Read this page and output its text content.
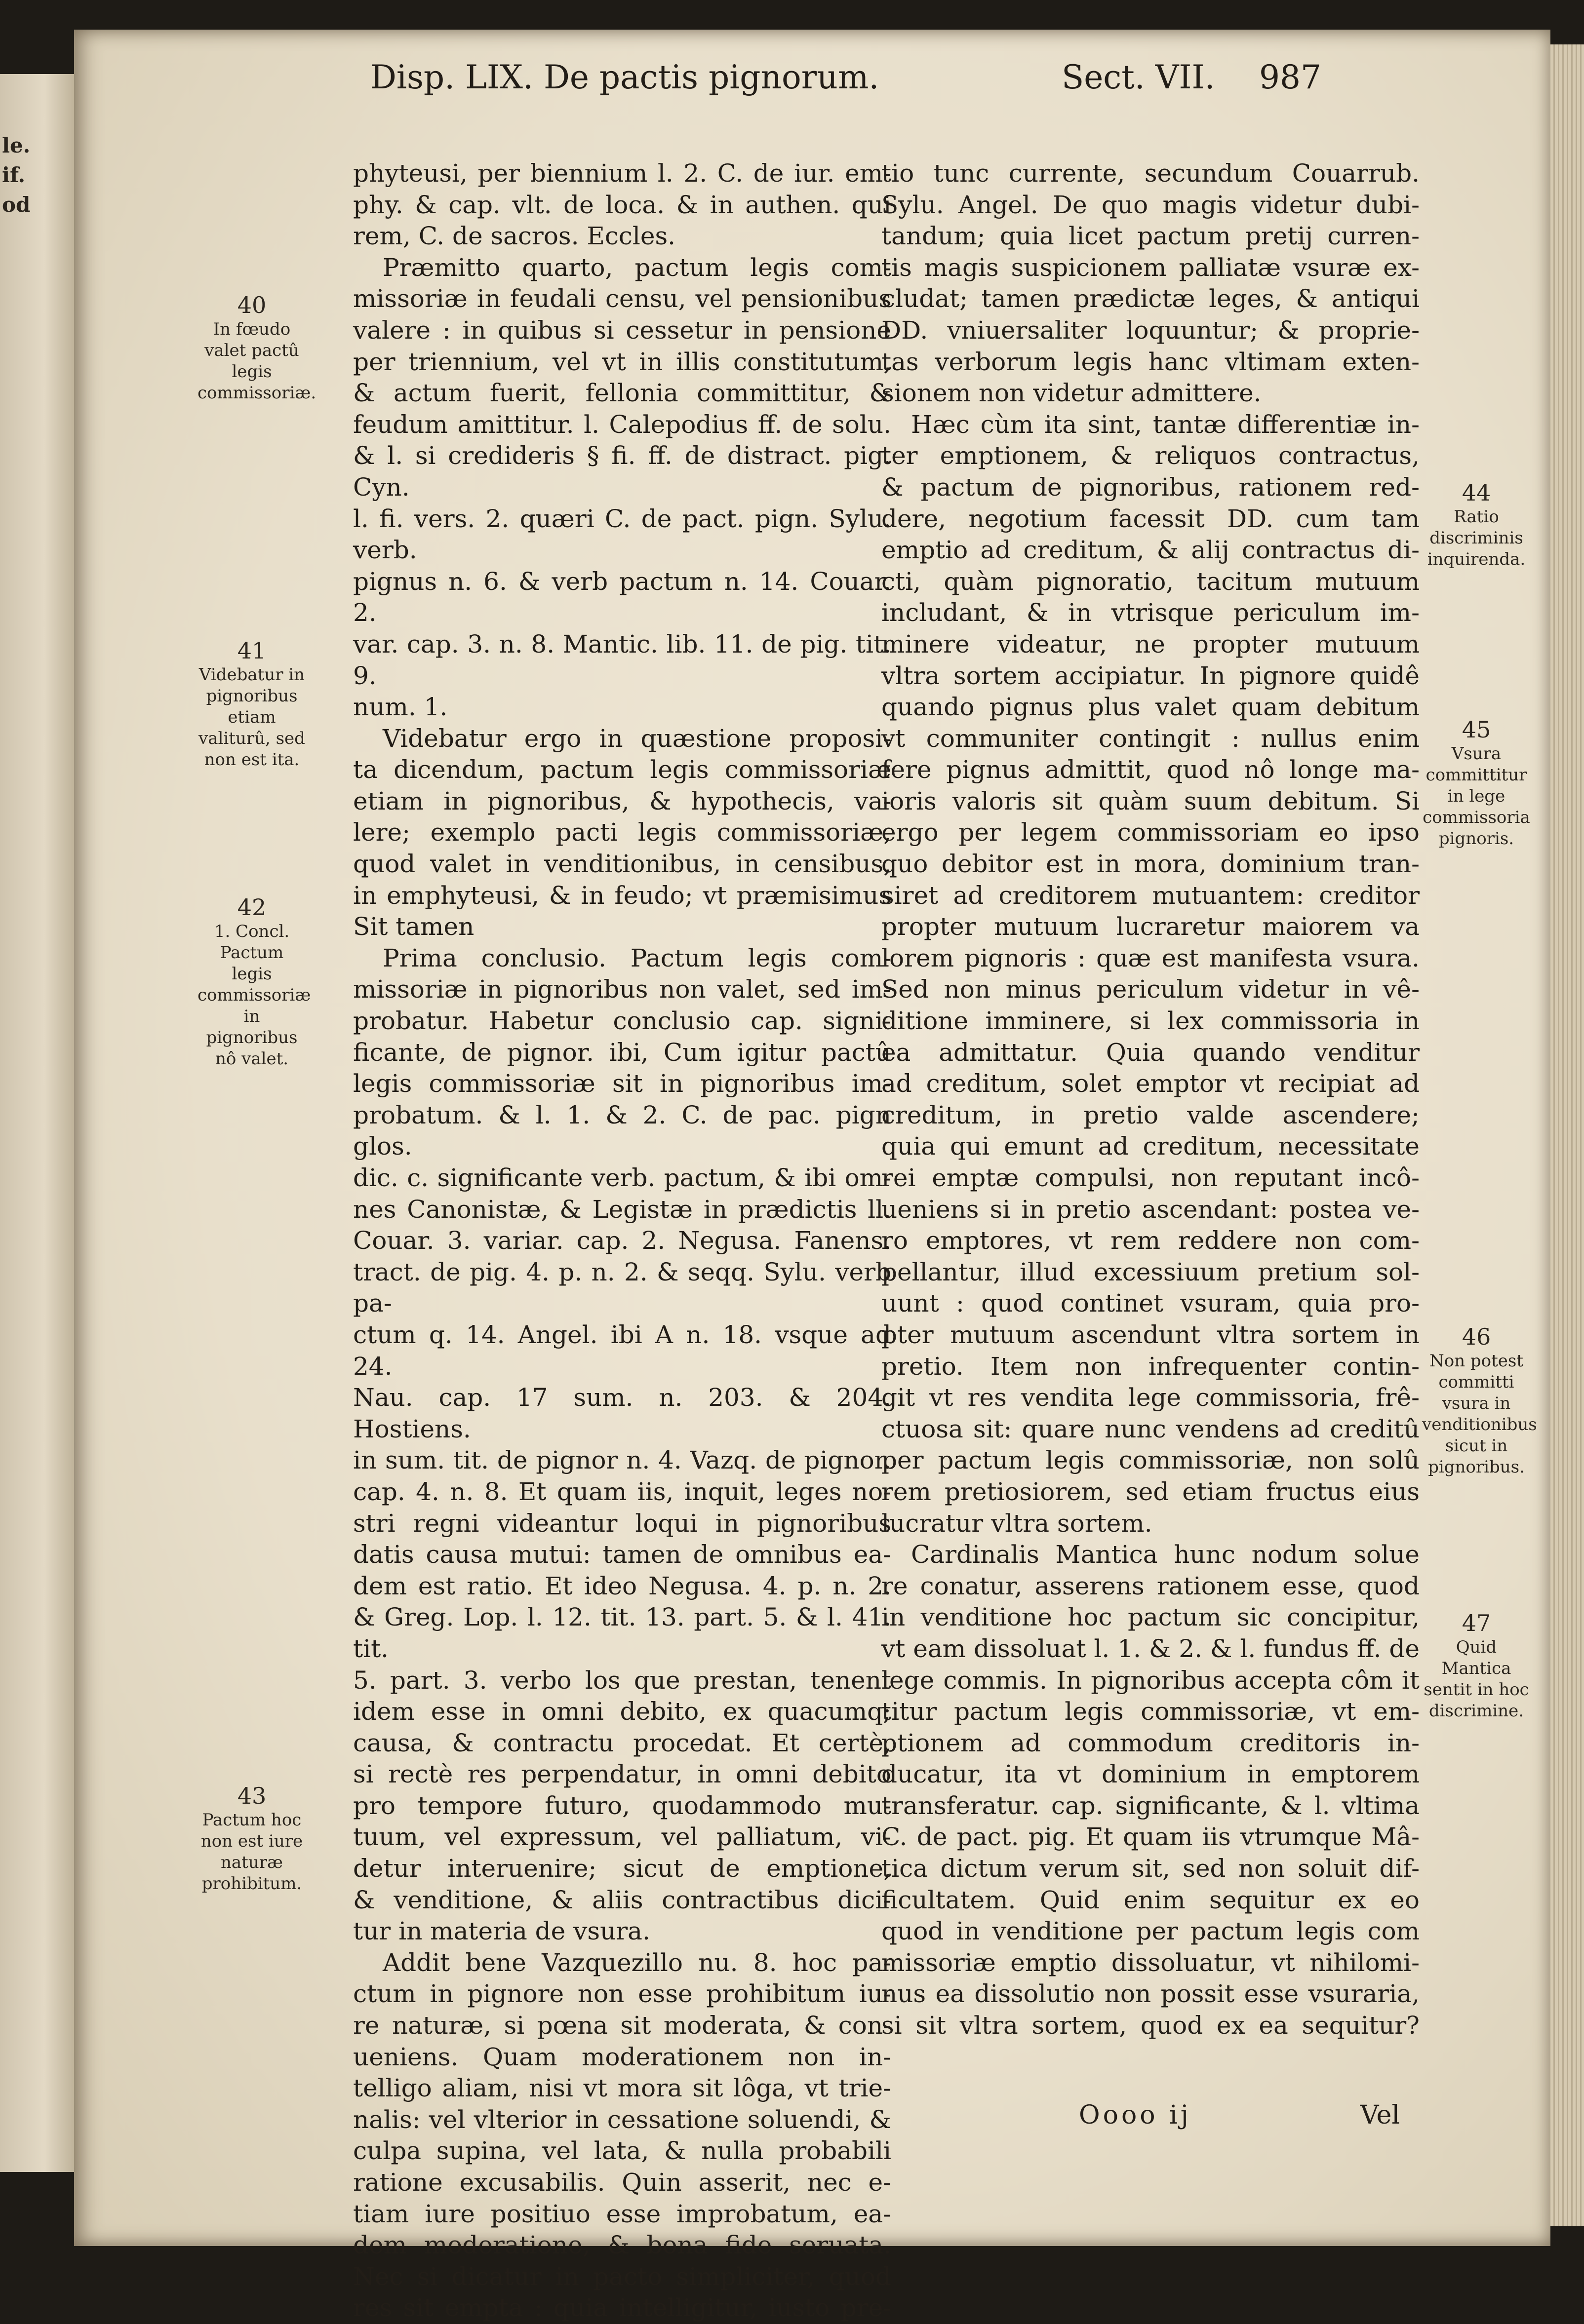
le.
if.
od
Disp. LIX. De pactis pignorum.	Sect. VII. 987

phyteusi, per biennium l. 2. C. de iur. em-

phy. & cap. vlt. de loca. & in authen. qui

rem, C. de sacros. Eccles.

Præmitto quarto, pactum legis com-

missoriæ in feudali censu, vel pensionibus

valere : in quibus si cessetur in pensione

per triennium, vel vt in illis constitutum,

& actum fuerit, fellonia committitur, &

feudum amittitur. l. Calepodius ff. de solu.

& l. si credideris § fi. ff. de distract. pig. Cyn.

l. fi. vers. 2. quæri C. de pact. pign. Sylu. verb.

pignus n. 6. & verb pactum n. 14. Couar. 2.

var. cap. 3. n. 8. Mantic. lib. 11. de pig. tit. 9.

num. 1.

Videbatur ergo in quæstione proposi-

ta dicendum, pactum legis commissoriæ

etiam in pignoribus, & hypothecis, va-

lere; exemplo pacti legis commissoriæ,

quod valet in venditionibus, in censibus,

in emphyteusi, & in feudo; vt præmisimus

Sit tamen

Prima conclusio. Pactum legis com-

missoriæ in pignoribus non valet, sed im-

probatur. Habetur conclusio cap. signi-

ficante, de pignor. ibi, Cum igitur pactû

legis commissoriæ sit in pignoribus im-

probatum. & l. 1. & 2. C. de pac. pign glos.

dic. c. significante verb. pactum, & ibi om-

nes Canonistæ, & Legistæ in prædictis ll.

Couar. 3. variar. cap. 2. Negusa. Fanens.

tract. de pig. 4. p. n. 2. & seqq. Sylu. verb pa-

ctum q. 14. Angel. ibi A n. 18. vsque ad 24.

Nau. cap. 17 sum. n. 203. & 204. Hostiens.

in sum. tit. de pignor n. 4. Vazq. de pignor.

cap. 4. n. 8. Et quam iis, inquit, leges no-

stri regni videantur loqui in pignoribus

datis causa mutui: tamen de omnibus ea-

dem est ratio. Et ideo Negusa. 4. p. n. 2.

& Greg. Lop. l. 12. tit. 13. part. 5. & l. 41. tit.

5. part. 3. verbo los que prestan, tenent

idem esse in omni debito, ex quacumq;

causa, & contractu procedat. Et certè,

si rectè res perpendatur, in omni debito

pro tempore futuro, quodammodo mu-

tuum, vel expressum, vel palliatum, vi-

detur interuenire; sicut de emptione,

& venditione, & aliis contractibus dici-

tur in materia de vsura.

Addit bene Vazquezillo nu. 8. hoc pa-

ctum in pignore non esse prohibitum iu-

re naturæ, si pœna sit moderata, & con-

ueniens. Quam moderationem non in-

telligo aliam, nisi vt mora sit lôga, vt trie-

nalis: vel vlterior in cessatione soluendi, &

culpa supina, vel lata, & nulla probabili

ratione excusabilis. Quin asserit, nec e-

tiam iure positiuo esse improbatum, ea-

dem moderatione, & bona fide seruata.

Nec si dicatur in pacto simpliciter, quod

res sit empta : quia intelligitur, iusto pre-

tio tunc currente, secundum Couarrub.

Sylu. Angel. De quo magis videtur dubi-

tandum; quia licet pactum pretij curren-

tis magis suspicionem palliatæ vsuræ ex-

cludat; tamen prædictæ leges, & antiqui

DD. vniuersaliter loquuntur; & proprie-

tas verborum legis hanc vltimam exten-

sionem non videtur admittere.

Hæc cùm ita sint, tantæ differentiæ in-

ter emptionem, & reliquos contractus,

& pactum de pignoribus, rationem red-

dere, negotium facessit DD. cum tam

emptio ad creditum, & alij contractus di-

cti, quàm pignoratio, tacitum mutuum

includant, & in vtrisque periculum im-

minere videatur, ne propter mutuum

vltra sortem accipiatur. In pignore quidê

quando pignus plus valet quam debitum

vt communiter contingit : nullus enim

fere pignus admittit, quod nô longe ma-

ioris valoris sit quàm suum debitum. Si

ergo per legem commissoriam eo ipso

quo debitor est in mora, dominium tran-

siret ad creditorem mutuantem: creditor

propter mutuum lucraretur maiorem va

lorem pignoris : quæ est manifesta vsura.

Sed non minus periculum videtur in vê-

ditione imminere, si lex commissoria in

ea admittatur. Quia quando venditur

ad creditum, solet emptor vt recipiat ad

creditum, in pretio valde ascendere;

quia qui emunt ad creditum, necessitate

rei emptæ compulsi, non reputant incô-

ueniens si in pretio ascendant: postea ve-

ro emptores, vt rem reddere non com-

pellantur, illud excessiuum pretium sol-

uunt : quod continet vsuram, quia pro-

pter mutuum ascendunt vltra sortem in

pretio. Item non infrequenter contin-

git vt res vendita lege commissoria, frê-

ctuosa sit: quare nunc vendens ad creditû

per pactum legis commissoriæ, non solû

rem pretiosiorem, sed etiam fructus eius

lucratur vltra sortem.

Cardinalis Mantica hunc nodum solue

re conatur, asserens rationem esse, quod

in venditione hoc pactum sic concipitur,

vt eam dissoluat l. 1. & 2. & l. fundus ff. de

lege commis. In pignoribus accepta côm it

titur pactum legis commissoriæ, vt em-

ptionem ad commodum creditoris in-

ducatur, ita vt dominium in emptorem

transferatur. cap. significante, & l. vltima

C. de pact. pig. Et quam iis vtrumque Mâ-

tica dictum verum sit, sed non soluit dif-

ficultatem. Quid enim sequitur ex eo

quod in venditione per pactum legis com

missoriæ emptio dissoluatur, vt nihilomi-

nus ea dissolutio non possit esse vsuraria,

si sit vltra sortem, quod ex ea sequitur?

40
In fœudo valet pactû legis commissoriæ.
41
Videbatur in pignoribus etiam valiturû, sed non est ita.
42
1. Concl. Pactum legis commissoriæ in pignoribus nô valet.
43
Pactum hoc non est iure naturæ prohibitum.
44
Ratio discriminis inquirenda.
45
Vsura committitur in lege commissoria pignoris.
46
Non potest committi vsura in venditionibus sicut in pignoribus.
47
Quid Mantica sentit in hoc discrimine.
Oooo ij	Vel
